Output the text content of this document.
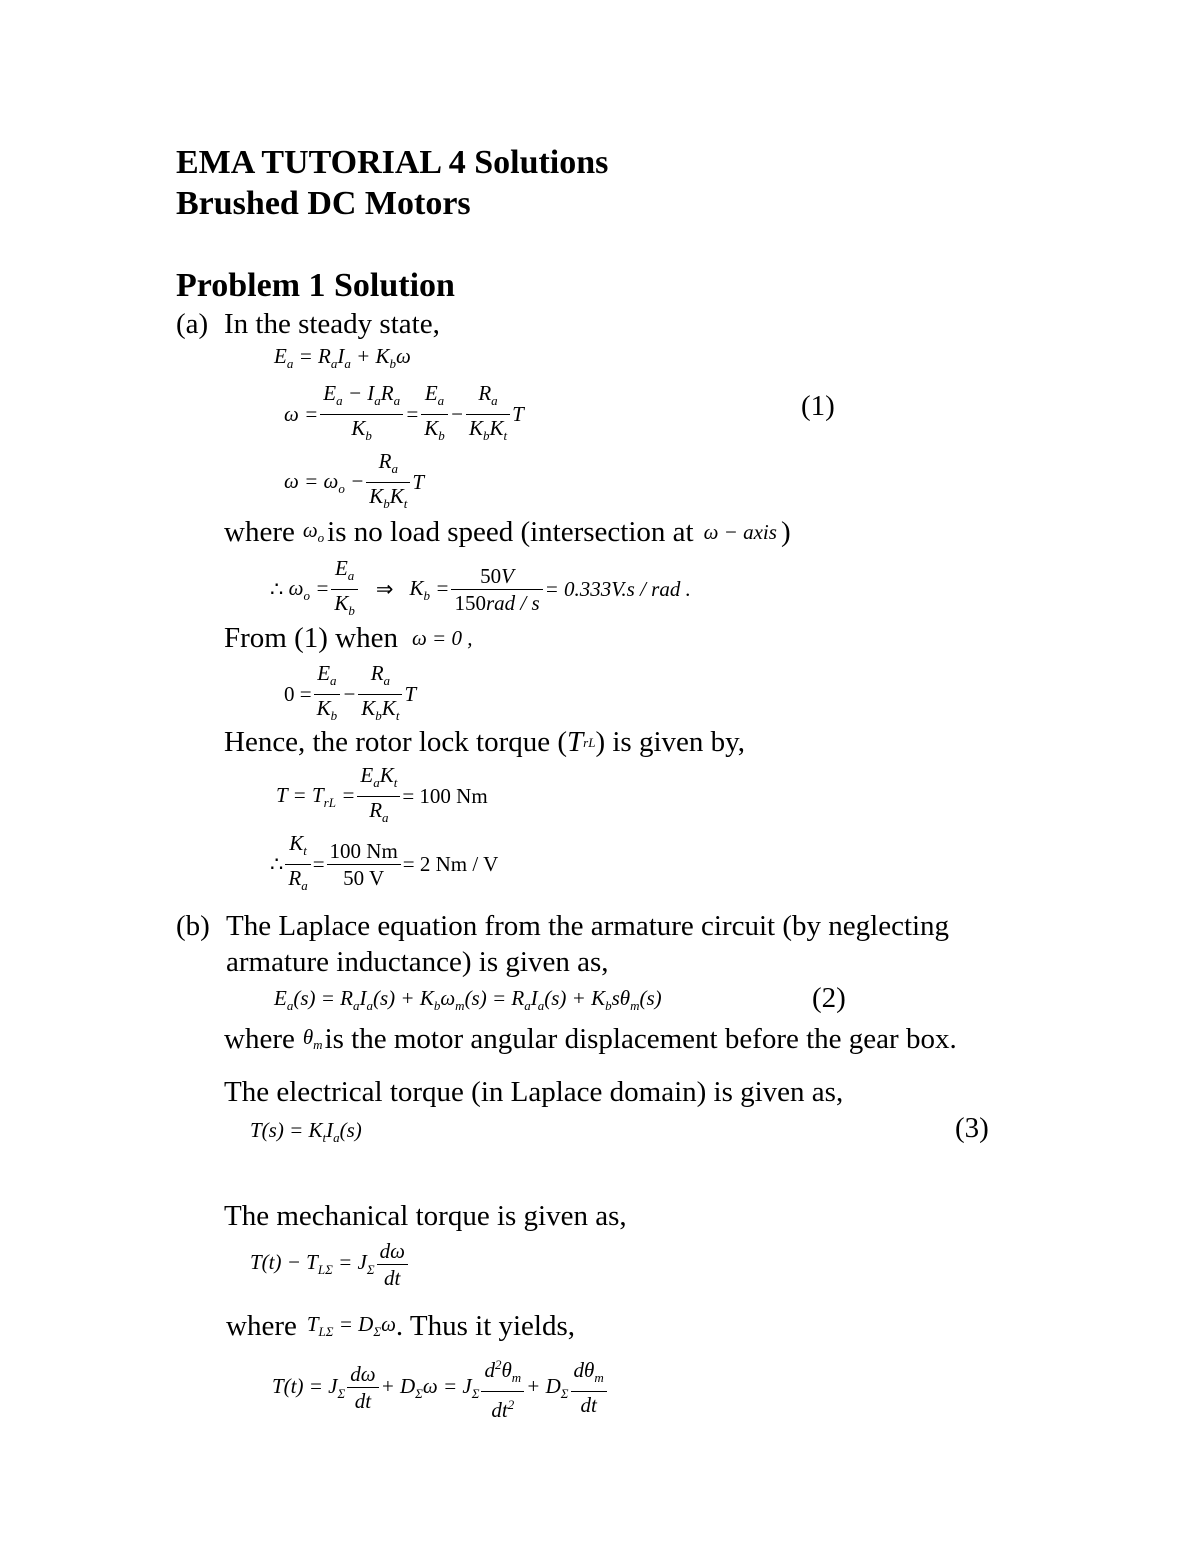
EMA TUTORIAL 4 Solutions
Brushed DC Motors
Problem 1 Solution
(a) In the steady state,
$E_a = R_aI_a + K_b\omega$
$\omega = \frac{E_a - I_aR_a}{K_b} = \frac{E_a}{K_b} - \frac{R_a}{K_bK_t}$ T	(1)
$\omega = \omega_o - \frac{R_a}{K_bK_t}$ T
where $\omega_o$ is no load speed (intersection at ω − axis )
∴
$\omega_o = \frac{E_a}{K_b}$ ⇒ $K_b = \frac{50V}{\text{150rad / s}} = 0.333V.s$ / rad .
From (1) when ω = 0 ,
$0 = \frac{E_a}{K_b} - \frac{R_a}{K_bK_t}$ T
Hence, the rotor lock torque ( T rL ) is given by,
$T = T_{rL} = \frac{E_aK_t}{R_a} = 100$ Nm
∴ $\frac{K_t}{R_a} = \frac{100 Nm}{50 V} = 2$ Nm / V
(b) The Laplace equation from the armature circuit (by neglecting
armature inductance) is given as,
$E_a(s) = R_aI_a(s) + K_b\omega_m(s) = R_aI_a(s) + K_bs\theta_m(s)$	(2)
where $\theta_m$ is the motor angular displacement before the gear box.
The electrical torque (in Laplace domain) is given as,
$T(s) = K_tI_a(s)$	(3)
The mechanical torque is given as,
$T(t) - T_{L\Sigma} = J_\Sigma \frac{d\omega}{dt}$
where $T_{L\Sigma} = D_\Sigma\omega$ . Thus it yields,
$T(t) = J_\Sigma \frac{d\omega}{dt} + D_\Sigma\omega = J_\Sigma \frac{d^2\theta_m}{dt^2} + D_\Sigma \frac{d\theta_m}{dt}$
